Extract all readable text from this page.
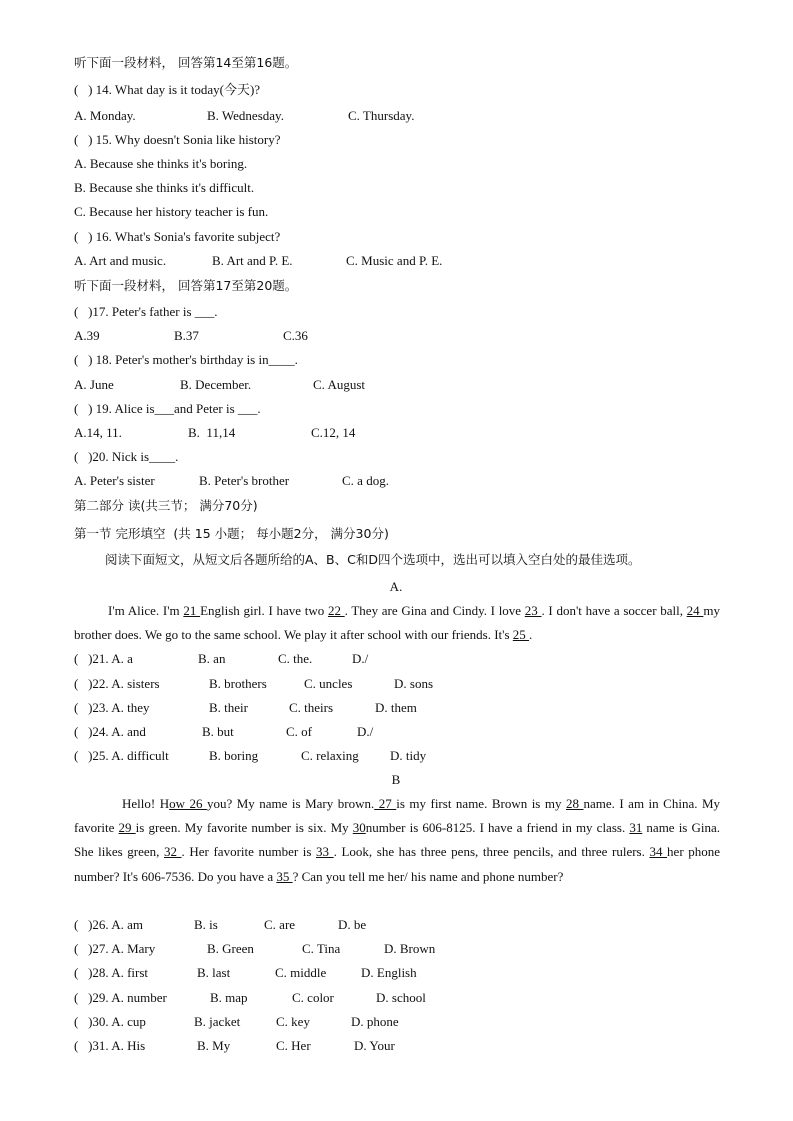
听下面一段材料， 回答第14至第16题。
(   ) 14. What day is it today(今天)?
A. Monday.	B. Wednesday.	C. Thursday.
(   ) 15. Why doesn't Sonia like history?
A. Because she thinks it's boring.
B. Because she thinks it's difficult.
C. Because her history teacher is fun.
(   ) 16. What's Sonia's favorite subject?
A. Art and music.	B. Art and P. E.	C. Music and P. E.
听下面一段材料， 回答第17至第20题。
(   )17. Peter's father is ___.
A.39	B.37	C.36
(   ) 18. Peter's mother's birthday is in____.
A. June	B. December.	C. August
(   ) 19. Alice is___and Peter is ___.
A.14, 11.	B.  11,14	C.12, 14
(   )20. Nick is____.
A. Peter's sister	B. Peter's brother	C. a dog.
第二部分 读(共三节； 满分70分)
第一节 完形填空  (共 15 小题； 每小题2分， 满分30分)
阅读下面短文，从短文后各题所给的A、B、C和D四个选项中，选出可以填入空白处的最佳选项。
A.
I'm Alice. I'm 21 English girl. I have two 22 . They are Gina and Cindy. I love 23 . I don't have a soccer ball, 24 my brother does. We go to the same school. We play it after school with our friends. It's 25 .
(   )21. A. a	B. an	C. the.	D./
(   )22. A. sisters	B. brothers	C. uncles	D. sons
(   )23. A. they	B. their	C. theirs	D. them
(   )24. A. and	B. but	C. of	D./
(   )25. A. difficult	B. boring	C. relaxing D. tidy
B
Hello! How 26 you? My name is Mary brown. 27 is my first name. Brown is my 28 name. I am in China. My favorite 29 is green. My favorite number is six. My 30number is 606-8125. I have a friend in my class. 31 name is Gina. She likes green, 32 . Her favorite number is 33 . Look, she has three pens, three pencils, and three rulers. 34 her phone number? It's 606-7536. Do you have a 35 ? Can you tell me her/ his name and phone number?
(   )26. A. am	B. is	C. are	D. be
(   )27. A. Mary	B. Green	C. Tina	D. Brown
(   )28. A. first	B. last	C. middle	D. English
(   )29. A. number	B. map	C. color	D. school
(   )30. A. cup	B. jacket	C. key	D. phone
(   )31. A. His	B. My	C. Her	D. Your
